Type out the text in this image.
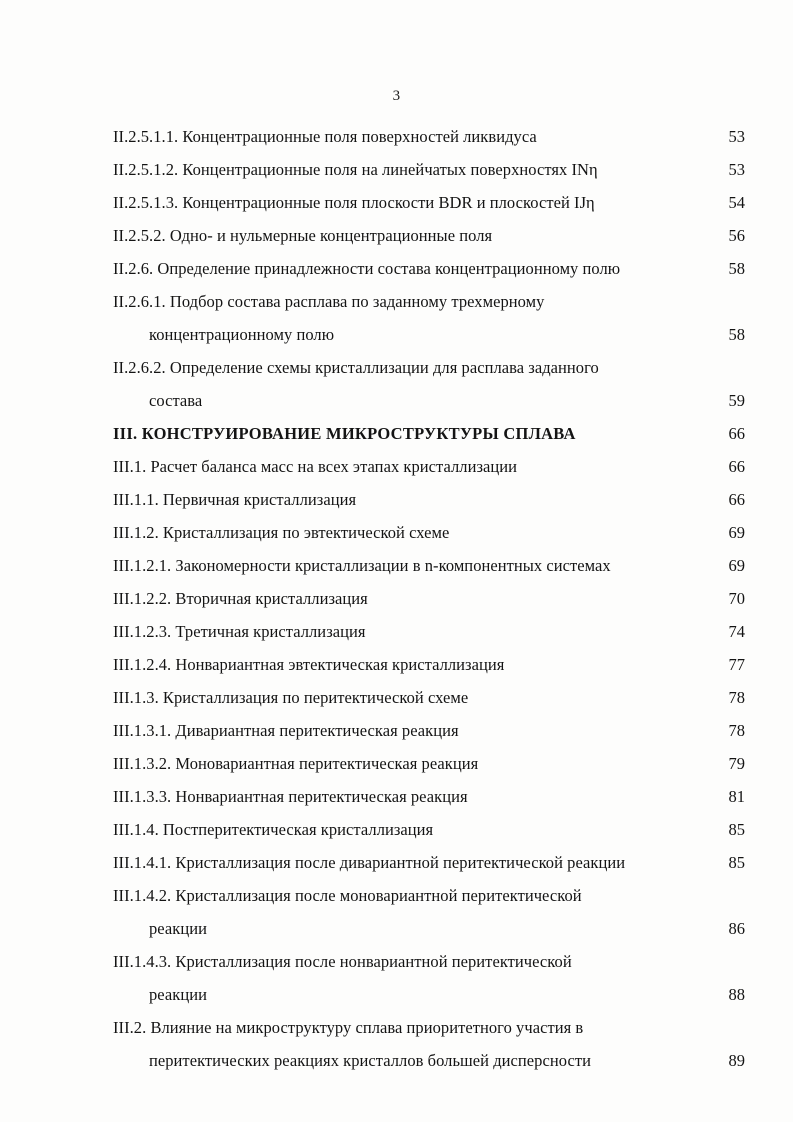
3
II.2.5.1.1. Концентрационные поля поверхностей ликвидуса	53
II.2.5.1.2. Концентрационные поля на линейчатых поверхностях INη	53
II.2.5.1.3. Концентрационные поля плоскости BDR и плоскостей IJη	54
II.2.5.2. Одно- и нульмерные концентрационные поля	56
II.2.6. Определение принадлежности состава концентрационному полю	58
II.2.6.1. Подбор состава расплава по заданному трехмерному
концентрационному полю	58
II.2.6.2. Определение схемы кристаллизации для расплава заданного
состава	59
III. КОНСТРУИРОВАНИЕ МИКРОСТРУКТУРЫ СПЛАВА	66
III.1. Расчет баланса масс на всех этапах кристаллизации	66
III.1.1. Первичная кристаллизация	66
III.1.2. Кристаллизация по эвтектической схеме	69
III.1.2.1. Закономерности кристаллизации в n-компонентных системах	69
III.1.2.2. Вторичная кристаллизация	70
III.1.2.3. Третичная кристаллизация	74
III.1.2.4. Нонвариантная эвтектическая кристаллизация	77
III.1.3. Кристаллизация по перитектической схеме	78
III.1.3.1. Дивариантная перитектическая реакция	78
III.1.3.2. Моновариантная перитектическая реакция	79
III.1.3.3. Нонвариантная перитектическая реакция	81
III.1.4. Постперитектическая кристаллизация	85
III.1.4.1. Кристаллизация после дивариантной перитектической реакции	85
III.1.4.2. Кристаллизация после моновариантной перитектической
реакции	86
III.1.4.3. Кристаллизация после нонвариантной перитектической
реакции	88
III.2. Влияние на микроструктуру сплава приоритетного участия в
перитектических реакциях кристаллов большей дисперсности	89
